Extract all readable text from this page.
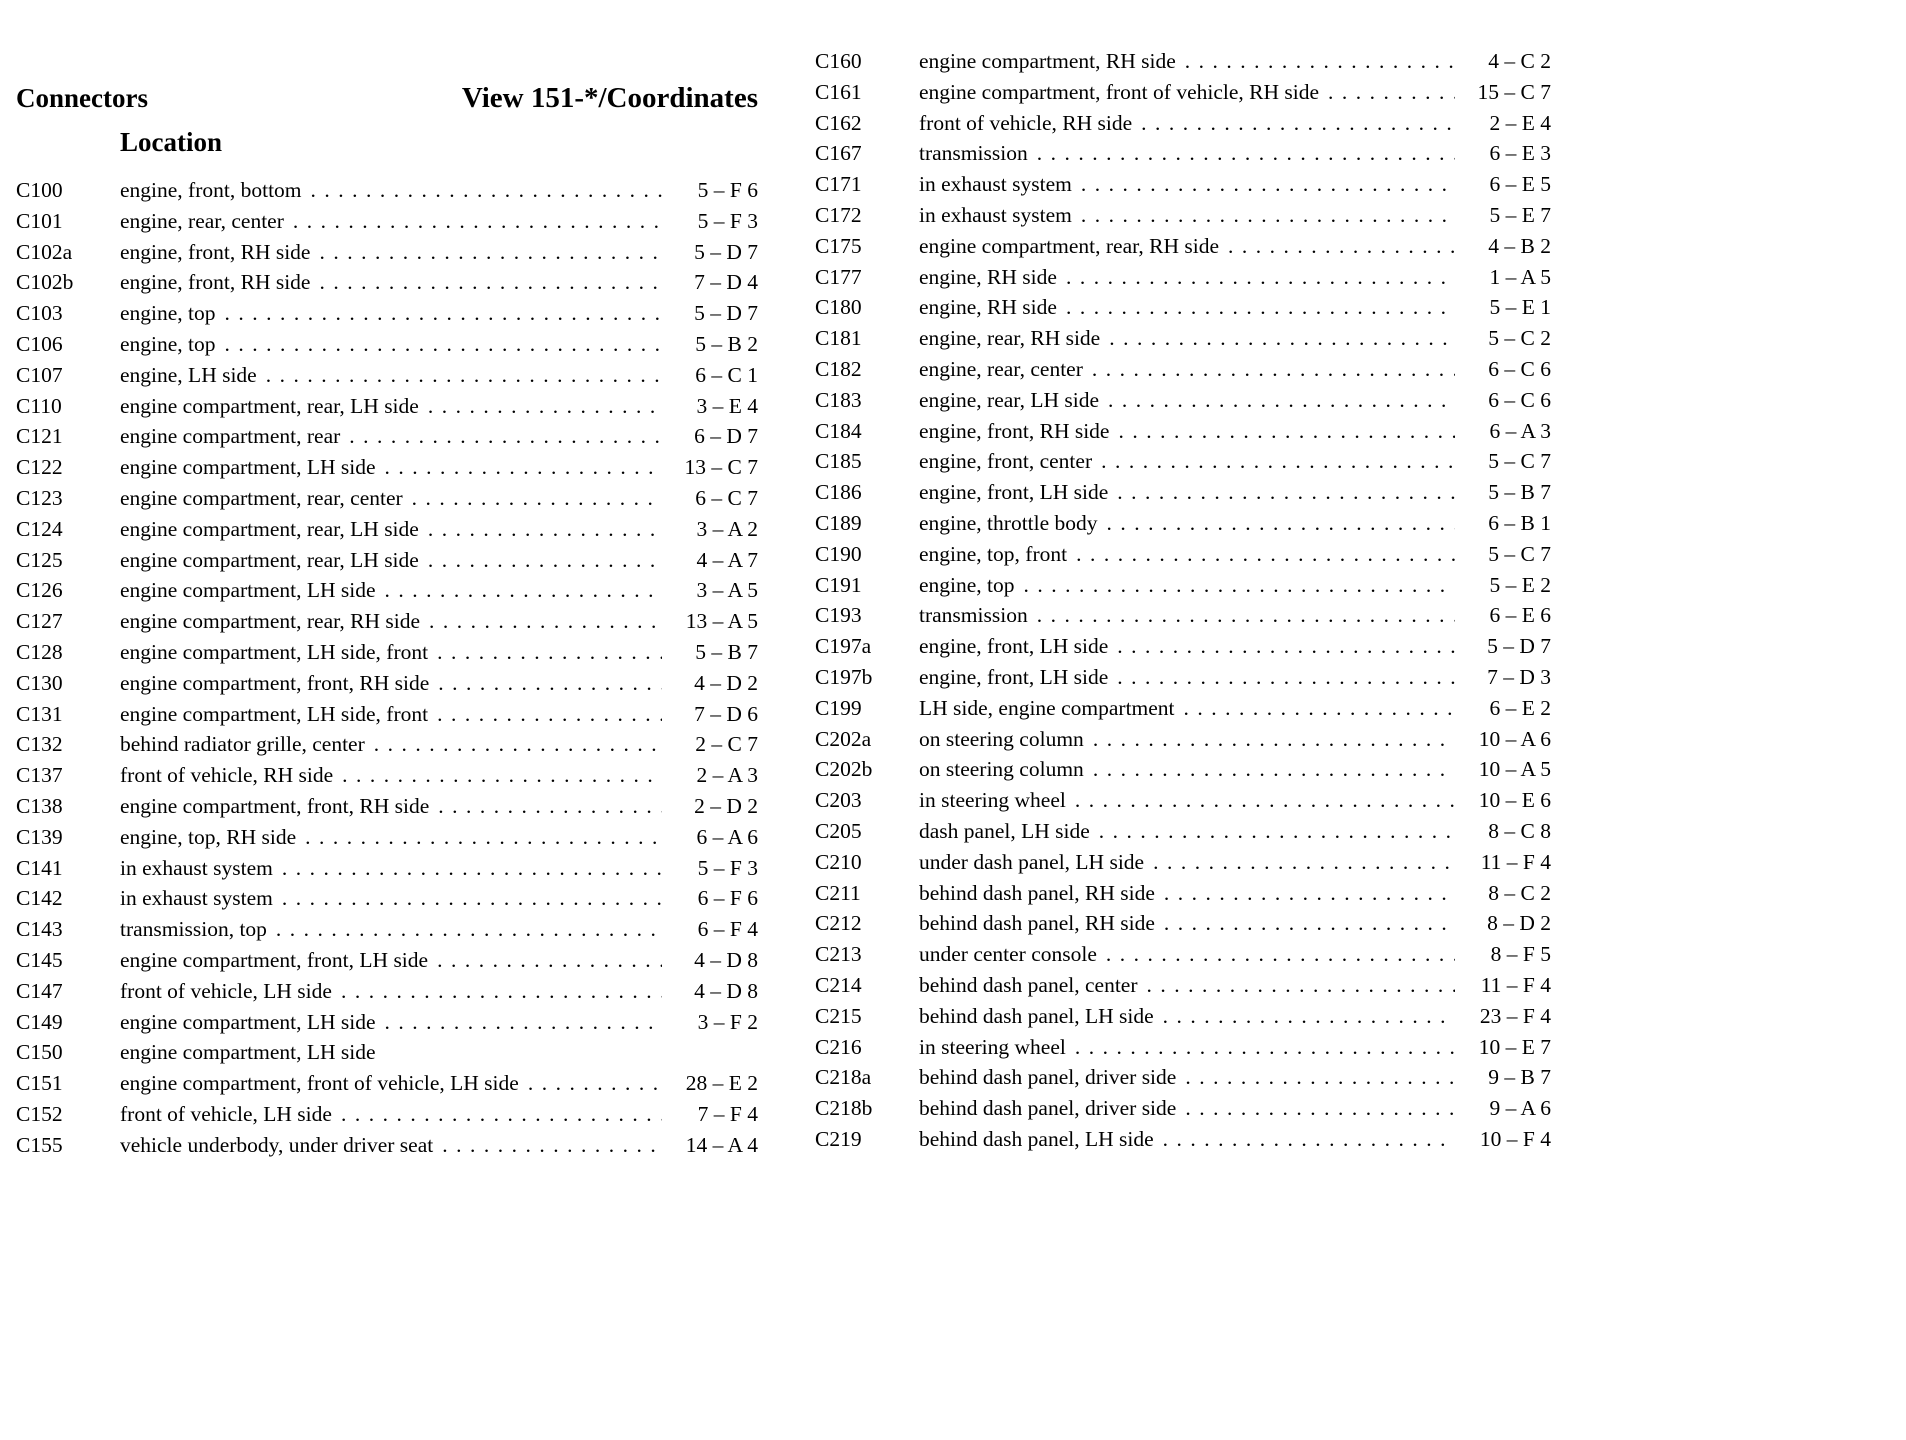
Connectors	View 151-*/Coordinates
Location
C100	engine, front, bottom .....	5 – F 6
C101	engine, rear, center .....	5 – F 3
C102a	engine, front, RH side .....	5 – D 7
C102b	engine, front, RH side .....	7 – D 4
C103	engine, top .....	5 – D 7
C106	engine, top .....	5 – B 2
C107	engine, LH side .....	6 – C 1
C110	engine compartment, rear, LH side .....	3 – E 4
C121	engine compartment, rear .....	6 – D 7
C122	engine compartment, LH side .....	13 – C 7
C123	engine compartment, rear, center .....	6 – C 7
C124	engine compartment, rear, LH side .....	3 – A 2
C125	engine compartment, rear, LH side .....	4 – A 7
C126	engine compartment, LH side .....	3 – A 5
C127	engine compartment, rear, RH side .....	13 – A 5
C128	engine compartment, LH side, front .....	5 – B 7
C130	engine compartment, front, RH side .....	4 – D 2
C131	engine compartment, LH side, front .....	7 – D 6
C132	behind radiator grille, center .....	2 – C 7
C137	front of vehicle, RH side .....	2 – A 3
C138	engine compartment, front, RH side .....	2 – D 2
C139	engine, top, RH side .....	6 – A 6
C141	in exhaust system .....	5 – F 3
C142	in exhaust system .....	6 – F 6
C143	transmission, top .....	6 – F 4
C145	engine compartment, front, LH side .....	4 – D 8
C147	front of vehicle, LH side .....	4 – D 8
C149	engine compartment, LH side .....	3 – F 2
C150	engine compartment, LH side
C151	engine compartment, front of vehicle, LH side .....	28 – E 2
C152	front of vehicle, LH side .....	7 – F 4
C155	vehicle underbody, under driver seat .....	14 – A 4
C160	engine compartment, RH side .....	4 – C 2
C161	engine compartment, front of vehicle, RH side .....	15 – C 7
C162	front of vehicle, RH side .....	2 – E 4
C167	transmission .....	6 – E 3
C171	in exhaust system .....	6 – E 5
C172	in exhaust system .....	5 – E 7
C175	engine compartment, rear, RH side .....	4 – B 2
C177	engine, RH side .....	1 – A 5
C180	engine, RH side .....	5 – E 1
C181	engine, rear, RH side .....	5 – C 2
C182	engine, rear, center .....	6 – C 6
C183	engine, rear, LH side .....	6 – C 6
C184	engine, front, RH side .....	6 – A 3
C185	engine, front, center .....	5 – C 7
C186	engine, front, LH side .....	5 – B 7
C189	engine, throttle body .....	6 – B 1
C190	engine, top, front .....	5 – C 7
C191	engine, top .....	5 – E 2
C193	transmission .....	6 – E 6
C197a	engine, front, LH side .....	5 – D 7
C197b	engine, front, LH side .....	7 – D 3
C199	LH side, engine compartment .....	6 – E 2
C202a	on steering column .....	10 – A 6
C202b	on steering column .....	10 – A 5
C203	in steering wheel .....	10 – E 6
C205	dash panel, LH side .....	8 – C 8
C210	under dash panel, LH side .....	11 – F 4
C211	behind dash panel, RH side .....	8 – C 2
C212	behind dash panel, RH side .....	8 – D 2
C213	under center console .....	8 – F 5
C214	behind dash panel, center .....	11 – F 4
C215	behind dash panel, LH side .....	23 – F 4
C216	in steering wheel .....	10 – E 7
C218a	behind dash panel, driver side .....	9 – B 7
C218b	behind dash panel, driver side .....	9 – A 6
C219	behind dash panel, LH side .....	10 – F 4
